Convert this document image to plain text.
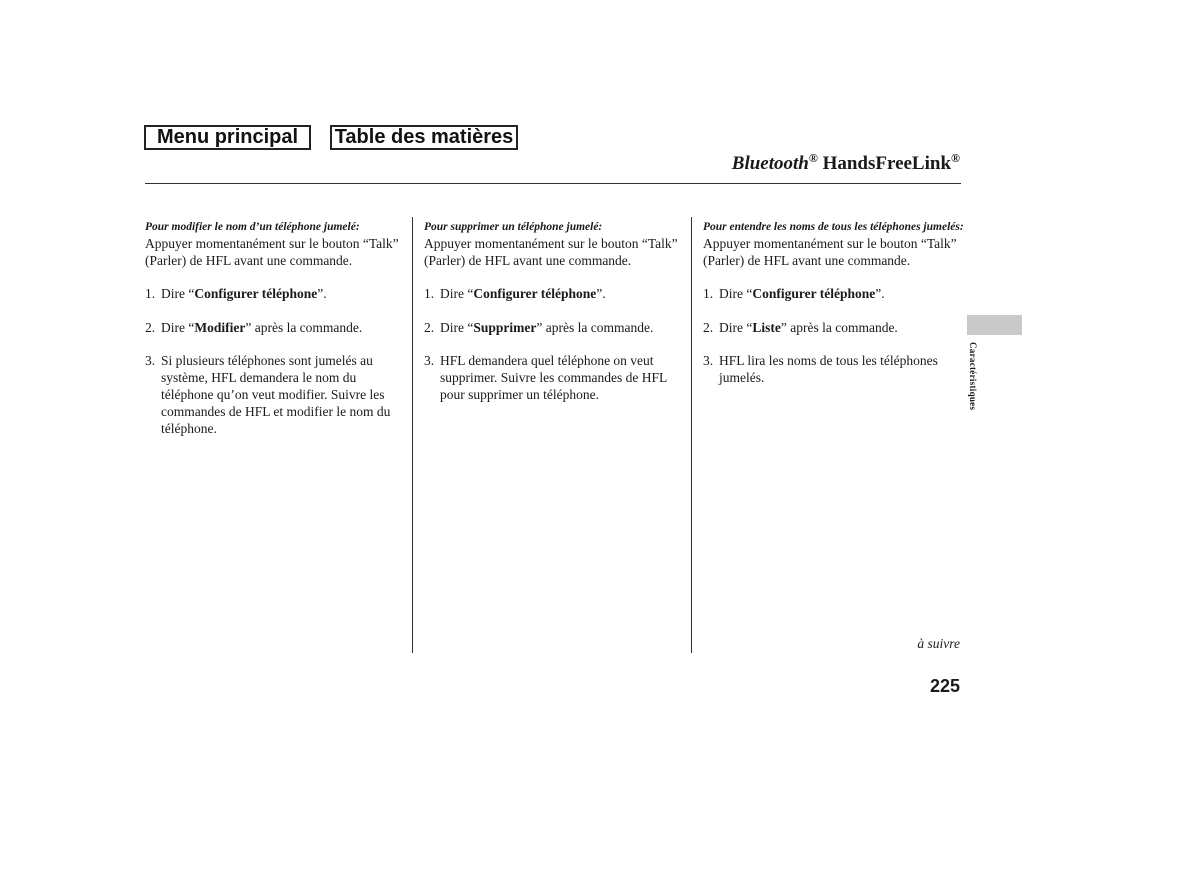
Menu principal	Table des matières
Bluetooth® HandsFreeLink®

Pour modifier le nom d’un téléphone jumelé:

Appuyer momentanément sur le bouton “Talk” (Parler) de HFL avant une commande.

1. Dire “Configurer téléphone”.
2. Dire “Modifier” après la commande.
3. Si plusieurs téléphones sont jumelés au système, HFL demandera le nom du téléphone qu’on veut modifier. Suivre les commandes de HFL et modifier le nom du téléphone.

Pour supprimer un téléphone jumelé:

Appuyer momentanément sur le bouton “Talk” (Parler) de HFL avant une commande.

1. Dire “Configurer téléphone”.
2. Dire “Supprimer” après la commande.
3. HFL demandera quel téléphone on veut supprimer. Suivre les commandes de HFL pour supprimer un téléphone.

Pour entendre les noms de tous les téléphones jumelés:

Appuyer momentanément sur le bouton “Talk” (Parler) de HFL avant une commande.

1. Dire “Configurer téléphone”.
2. Dire “Liste” après la commande.
3. HFL lira les noms de tous les téléphones jumelés.	Caractéristiques
à suivre
225
